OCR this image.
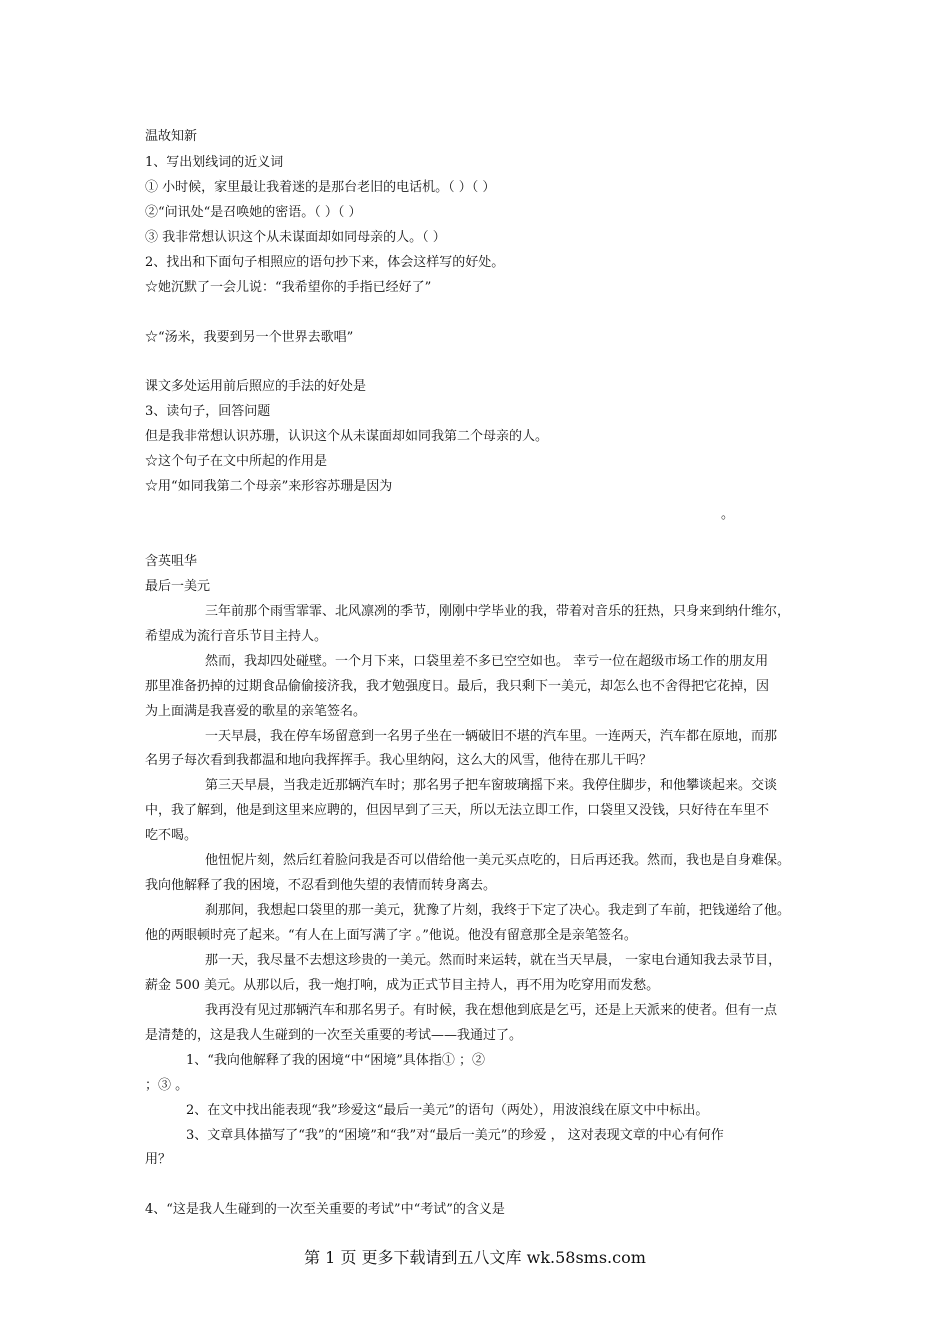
温故知新
1、写出划线词的近义词
① 小时候，家里最让我着迷的是那台老旧的电话机。（ ）（ ）
②“问讯处“是召唤她的密语。（ ）（ ）
③ 我非常想认识这个从未谋面却如同母亲的人。（ ）
2、找出和下面句子相照应的语句抄下来，体会这样写的好处。
☆她沉默了一会儿说：“我希望你的手指已经好了”
☆“汤米，我要到另一个世界去歌唱”
课文多处运用前后照应的手法的好处是
3、读句子，回答问题
但是我非常想认识苏珊，认识这个从未谋面却如同我第二个母亲的人。
☆这个句子在文中所起的作用是
☆用“如同我第二个母亲”来形容苏珊是因为
。
含英咀华
最后一美元
三年前那个雨雪霏霏、北风凛冽的季节，刚刚中学毕业的我，带着对音乐的狂热，只身来到纳什维尔，
希望成为流行音乐节目主持人。
然而，我却四处碰壁。一个月下来，口袋里差不多已空空如也。 幸亏一位在超级市场工作的朋友用
那里准备扔掉的过期食品偷偷接济我，我才勉强度日。最后，我只剩下一美元，却怎么也不舍得把它花掉，因
为上面满是我喜爱的歌星的亲笔签名。
一天早晨，我在停车场留意到一名男子坐在一辆破旧不堪的汽车里。一连两天，汽车都在原地，而那
名男子每次看到我都温和地向我挥挥手。我心里纳闷，这么大的风雪，他待在那儿干吗？
第三天早晨，当我走近那辆汽车时；那名男子把车窗玻璃摇下来。我停住脚步，和他攀谈起来。交谈
中，我了解到，他是到这里来应聘的，但因早到了三天，所以无法立即工作，口袋里又没钱，只好待在车里不
吃不喝。
他忸怩片刻，然后红着脸问我是否可以借给他一美元买点吃的，日后再还我。然而，我也是自身难保。
我向他解释了我的困境，不忍看到他失望的表情而转身离去。
刹那间，我想起口袋里的那一美元，犹豫了片刻，我终于下定了决心。我走到了车前，把钱递给了他。
他的两眼顿时亮了起来。“有人在上面写满了字 。”他说。他没有留意那全是亲笔签名。
那一天，我尽量不去想这珍贵的一美元。然而时来运转，就在当天早晨， 一家电台通知我去录节目，
薪金 500 美元。从那以后，我一炮打响，成为正式节目主持人，再不用为吃穿用而发愁。
我再没有见过那辆汽车和那名男子。有时候，我在想他到底是乞丐，还是上天派来的使者。但有一点
是清楚的，这是我人生碰到的一次至关重要的考试——我通过了。
1、“我向他解释了我的困境“中“困境”具体指① ；②
；③ 。
2、在文中找出能表现“我”珍爱这“最后一美元”的语句（两处），用波浪线在原文中中标出。
3、文章具体描写了“我”的“困境”和“我”对“最后一美元”的珍爱 ， 这对表现文章的中心有何作
用？
4、“这是我人生碰到的一次至关重要的考试”中“考试”的含义是
第 1 页 更多下载请到五八文库 wk.58sms.com
